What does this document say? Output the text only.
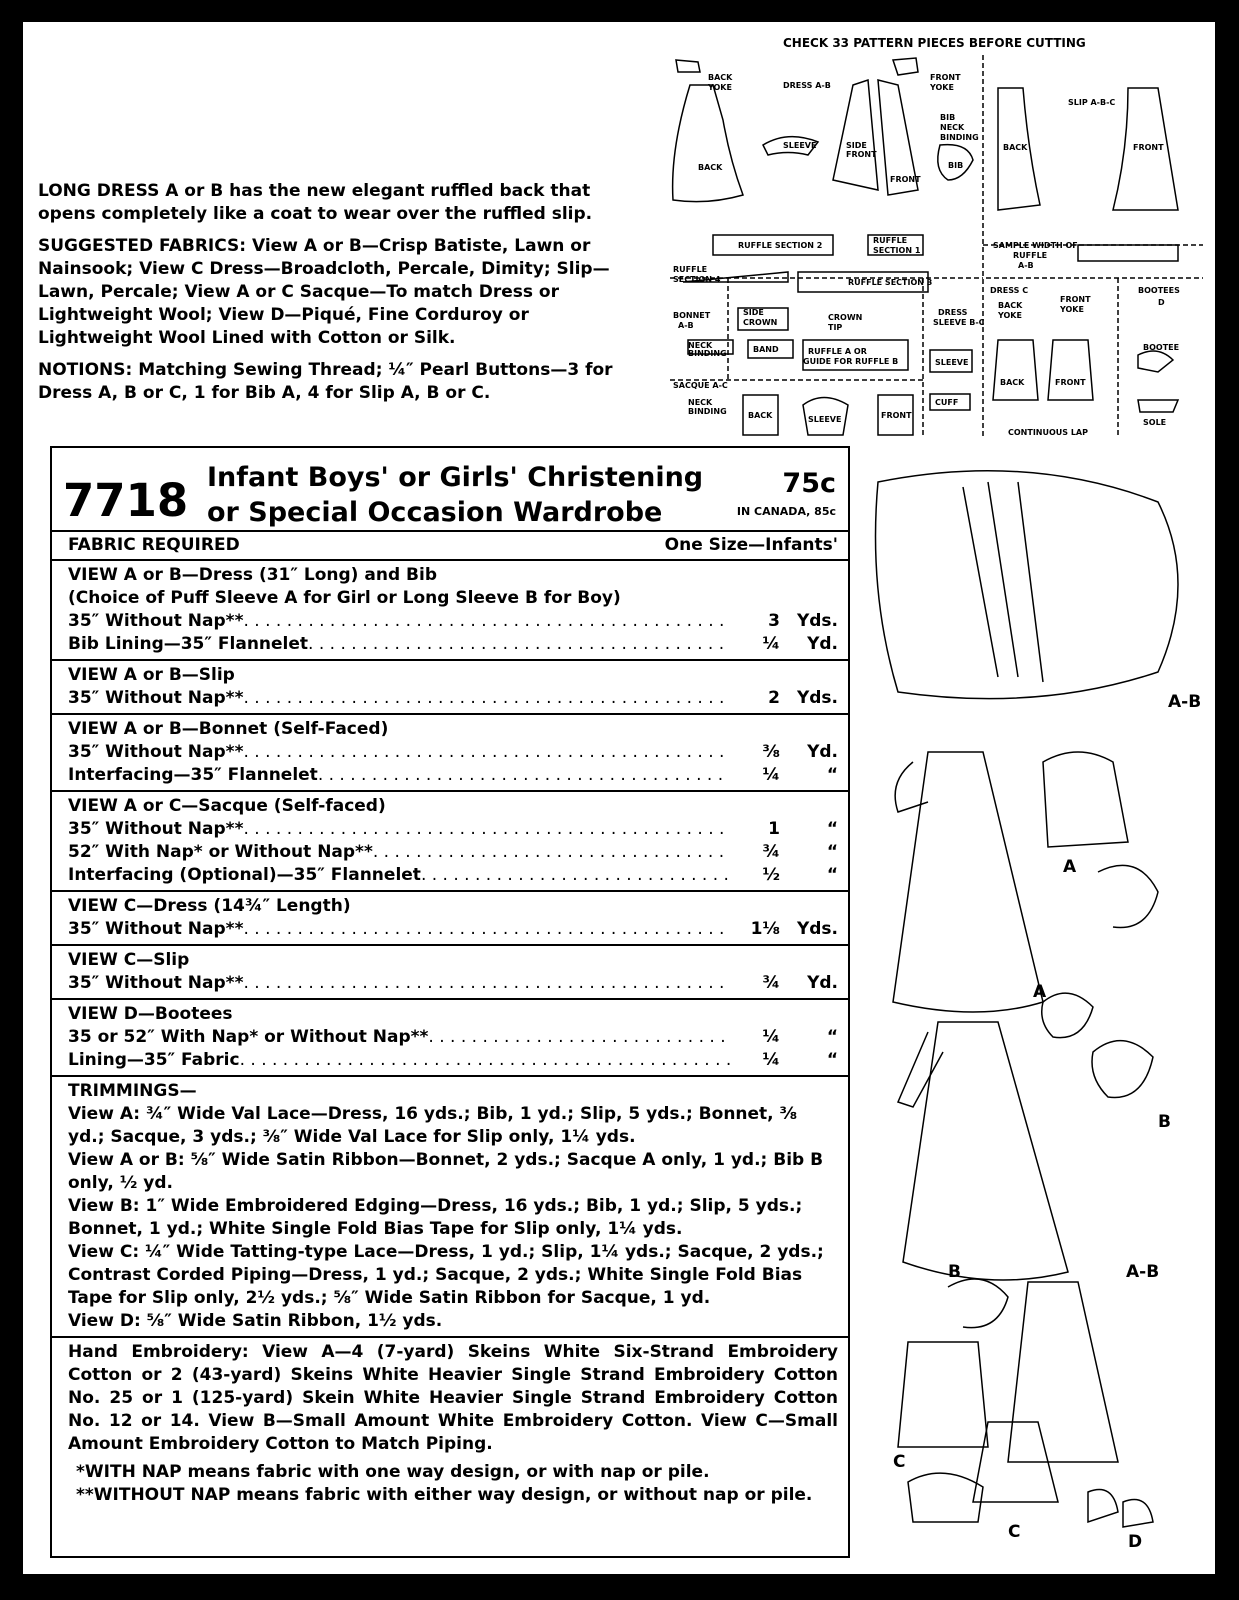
CHECK 33 PATTERN PIECES BEFORE CUTTING
DRESS A-B
SLIP A-B-C
DRESS C	BOOTEES
D
BONNET
A-B
SACQUE A-C
BACK
YOKE
FRONT
YOKE
SLEEVE
BACK
SIDE
FRONT
FRONT
BIB
NECK
BINDING
BIB
BACK	FRONT
RUFFLE SECTION 2
RUFFLE
SECTION 1
SAMPLE WIDTH OF
RUFFLE
A-B
RUFFLE
SECTION 4	RUFFLE SECTION 3
SIDE
CROWN
CROWN
TIP
DRESS
SLEEVE B-C
BACK
YOKE
FRONT
YOKE
NECK
BINDING	BAND	RUFFLE A OR
GUIDE FOR RUFFLE B	SLEEVE
BOOTEE
BACK	FRONT
NECK
BINDING	BACK	SLEEVE	FRONT
CUFF
CONTINUOUS LAP
SOLE

LONG DRESS A or B has the new elegant ruffled back that opens completely like a coat to wear over the ruffled slip.

SUGGESTED FABRICS: View A or B—Crisp Batiste, Lawn or Nainsook; View C Dress—Broadcloth, Percale, Dimity; Slip—Lawn, Percale; View A or C Sacque—To match Dress or Lightweight Wool; View D—Piqué, Fine Corduroy or Lightweight Wool Lined with Cotton or Silk.

NOTIONS: Matching Sewing Thread; ¼″ Pearl Buttons—3 for Dress A, B or C, 1 for Bib A, 4 for Slip A, B or C.

7718 Infant Boys' or Girls' Christening
or Special Occasion Wardrobe
75c
IN CANADA, 85c
FABRIC REQUIRED	One Size—Infants'
VIEW A or B—Dress (31″ Long) and Bib
(Choice of Puff Sleeve A for Girl or Long Sleeve B for Boy)
35″ Without Nap** . . .	3 Yds.
Bib Lining—35″ Flannelet . . .	¼	Yd.
VIEW A or B—Slip
35″ Without Nap** . . .	2 Yds.
VIEW A or B—Bonnet (Self-Faced)
35″ Without Nap** . . .	⅜	Yd.
Interfacing—35″ Flannelet . . .	¼	“
VIEW A or C—Sacque (Self-faced)
35″ Without Nap** . . .	1	“
52″ With Nap* or Without Nap** . . .	¾	“
Interfacing (Optional)—35″ Flannelet . . .	½	“
VIEW C—Dress (14¾″ Length)
35″ Without Nap** . . .	1⅛ Yds.
VIEW C—Slip
35″ Without Nap** . . .	¾	Yd.
VIEW D—Bootees
35 or 52″ With Nap* or Without Nap** . . .	¼	“
Lining—35″ Fabric . . .	¼	“
TRIMMINGS—
View A: ¾″ Wide Val Lace—Dress, 16 yds.; Bib, 1 yd.; Slip, 5 yds.; Bonnet, ⅜ yd.; Sacque, 3 yds.; ⅜″ Wide Val Lace for Slip only, 1¼ yds.
View A or B: ⅝″ Wide Satin Ribbon—Bonnet, 2 yds.; Sacque A only, 1 yd.; Bib B only, ½ yd.
View B: 1″ Wide Embroidered Edging—Dress, 16 yds.; Bib, 1 yd.; Slip, 5 yds.; Bonnet, 1 yd.; White Single Fold Bias Tape for Slip only, 1¼ yds.
View C: ¼″ Wide Tatting-type Lace—Dress, 1 yd.; Slip, 1¼ yds.; Sacque, 2 yds.; Contrast Corded Piping—Dress, 1 yd.; Sacque, 2 yds.; White Single Fold Bias Tape for Slip only, 2½ yds.; ⅝″ Wide Satin Ribbon for Sacque, 1 yd.
View D: ⅝″ Wide Satin Ribbon, 1½ yds.
Hand Embroidery: View A—4 (7-yard) Skeins White Six-Strand Embroidery Cotton or 2 (43-yard) Skeins White Heavier Single Strand Embroidery Cotton No. 25 or 1 (125-yard) Skein White Heavier Single Strand Embroidery Cotton No. 12 or 14. View B—Small Amount White Embroidery Cotton. View C—Small Amount Embroidery Cotton to Match Piping.
*WITH NAP means fabric with one way design, or with nap or pile.
**WITHOUT NAP means fabric with either way design, or without nap or pile.
A-B
A
A
B
B	A-B
C
C	D
